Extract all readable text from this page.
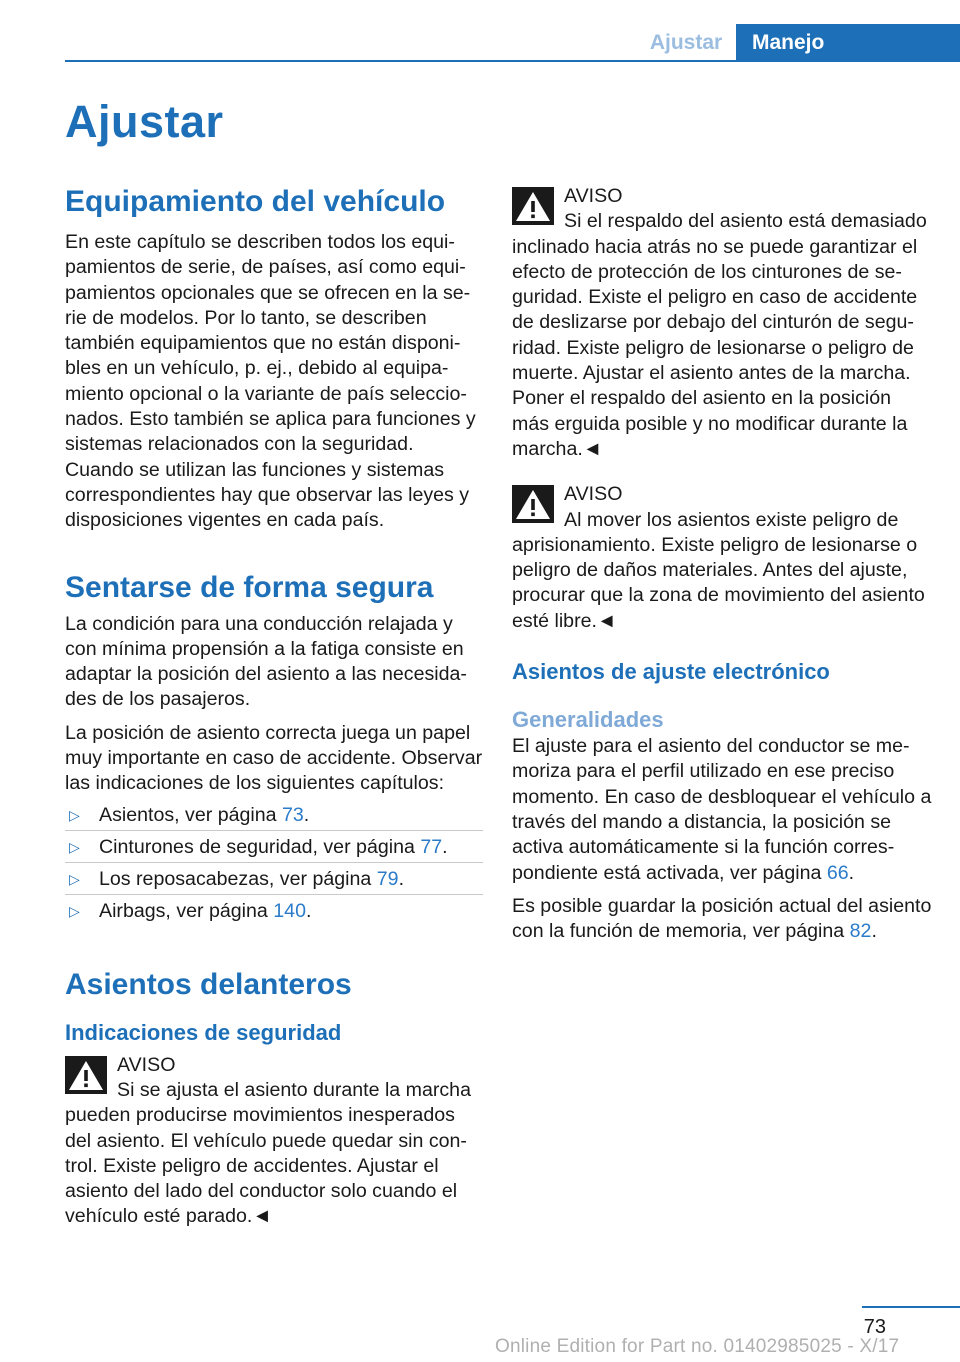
Ajustar	Manejo
Ajustar
Equipamiento del vehículo

En este capítulo se describen todos los equipamientos de serie, de países, así como equipamientos opcionales que se ofrecen en la serie de modelos. Por lo tanto, se describen también equipamientos que no están disponibles en un vehículo, p. ej., debido al equipamiento opcional o la variante de país seleccionados. Esto también se aplica para funciones y sistemas relacionados con la seguridad.

Cuando se utilizan las funciones y sistemas correspondientes hay que observar las leyes y disposiciones vigentes en cada país.

Sentarse de forma segura

La condición para una conducción relajada y con mínima propensión a la fatiga consiste en adaptar la posición del asiento a las necesidades de los pasajeros.

La posición de asiento correcta juega un papel muy importante en caso de accidente. Observar las indicaciones de los siguientes capítulos:

▷ Asientos, ver página 73.
▷ Cinturones de seguridad, ver página 77.
▷ Los reposacabezas, ver página 79.
▷ Airbags, ver página 140.
Asientos delanteros
Indicaciones de seguridad
AVISO

Si se ajusta el asiento durante la marcha pueden producirse movimientos inesperados del asiento. El vehículo puede quedar sin control. Existe peligro de accidentes. Ajustar el asiento del lado del conductor solo cuando el vehículo esté parado.◄

AVISO

Si el respaldo del asiento está demasiado inclinado hacia atrás no se puede garantizar el efecto de protección de los cinturones de seguridad. Existe el peligro en caso de accidente de deslizarse por debajo del cinturón de seguridad. Existe peligro de lesionarse o peligro de muerte. Ajustar el asiento antes de la marcha. Poner el respaldo del asiento en la posición más erguida posible y no modificar durante la marcha.◄

AVISO

Al mover los asientos existe peligro de aprisionamiento. Existe peligro de lesionarse o peligro de daños materiales. Antes del ajuste, procurar que la zona de movimiento del asiento esté libre.◄

Asientos de ajuste electrónico
Generalidades

El ajuste para el asiento del conductor se memoriza para el perfil utilizado en ese preciso momento. En caso de desbloquear el vehículo a través del mando a distancia, la posición se activa automáticamente si la función correspondiente está activada, ver página 66.

Es posible guardar la posición actual del asiento con la función de memoria, ver página 82.

73
Online Edition for Part no. 01402985025 - X/17
